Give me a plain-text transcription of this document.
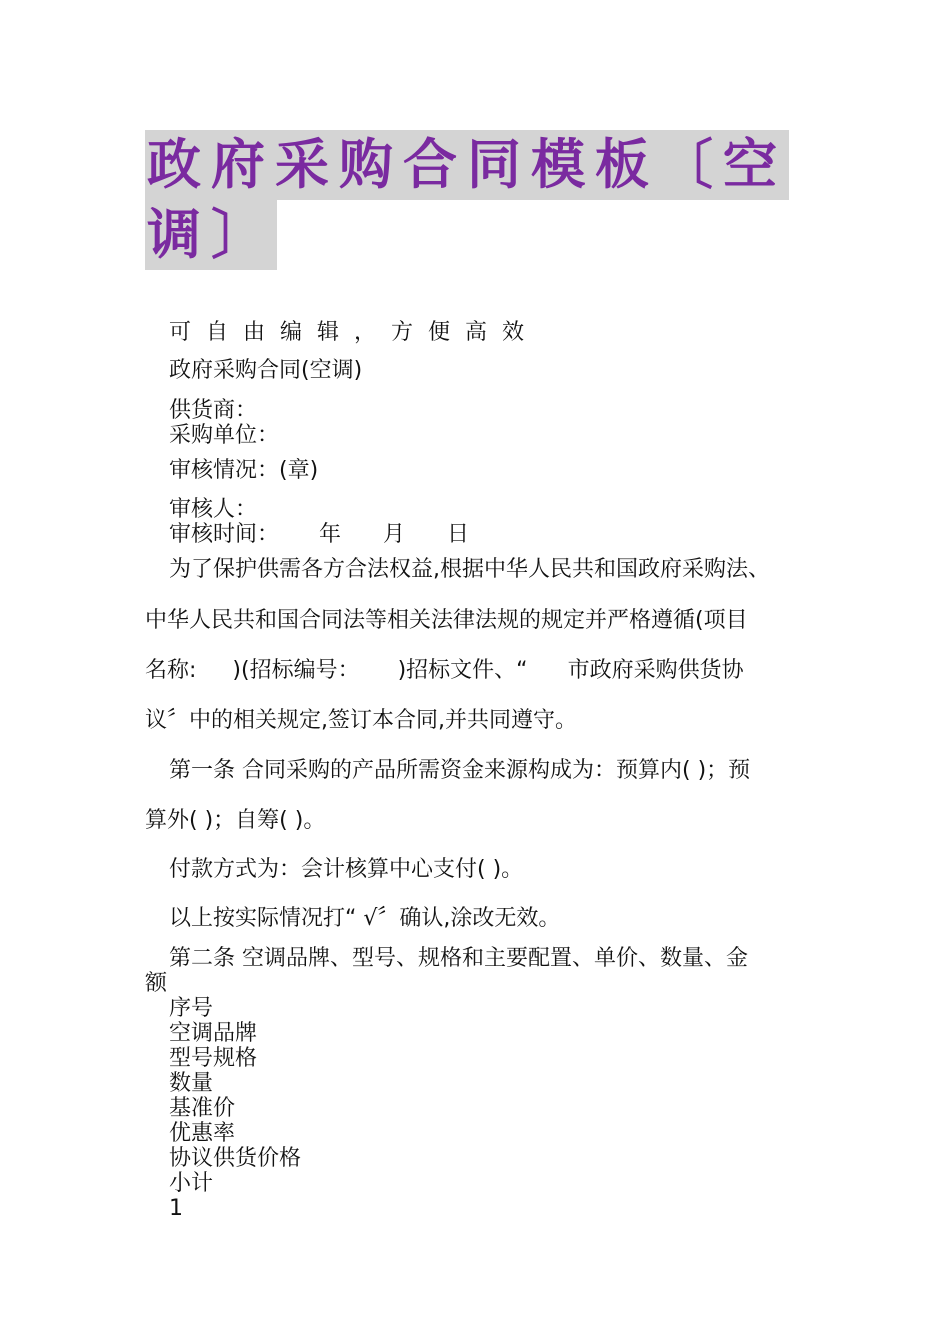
政府采购合同模板〔空
调〕
可自由编辑，方便高效
政府采购合同(空调)
供货商：
采购单位：
审核情况：(章)
审核人：
审核时间： 年 月 日
为了保护供需各方合法权益,根据中华人民共和国政府采购法、
中华人民共和国合同法等相关法律法规的规定并严格遵循(项目
名称: )(招标编号： )招标文件、“ 市政府采购供货协
议〞中的相关规定,签订本合同,并共同遵守。
第一条 合同采购的产品所需资金来源构成为：预算内( )；预
算外( )；自筹( )。
付款方式为：会计核算中心支付( )。
以上按实际情况打“ √〞确认,涂改无效。
第二条 空调品牌、型号、规格和主要配置、单价、数量、金
额
序号
空调品牌
型号规格
数量
基准价
优惠率
协议供货价格
小计
1
